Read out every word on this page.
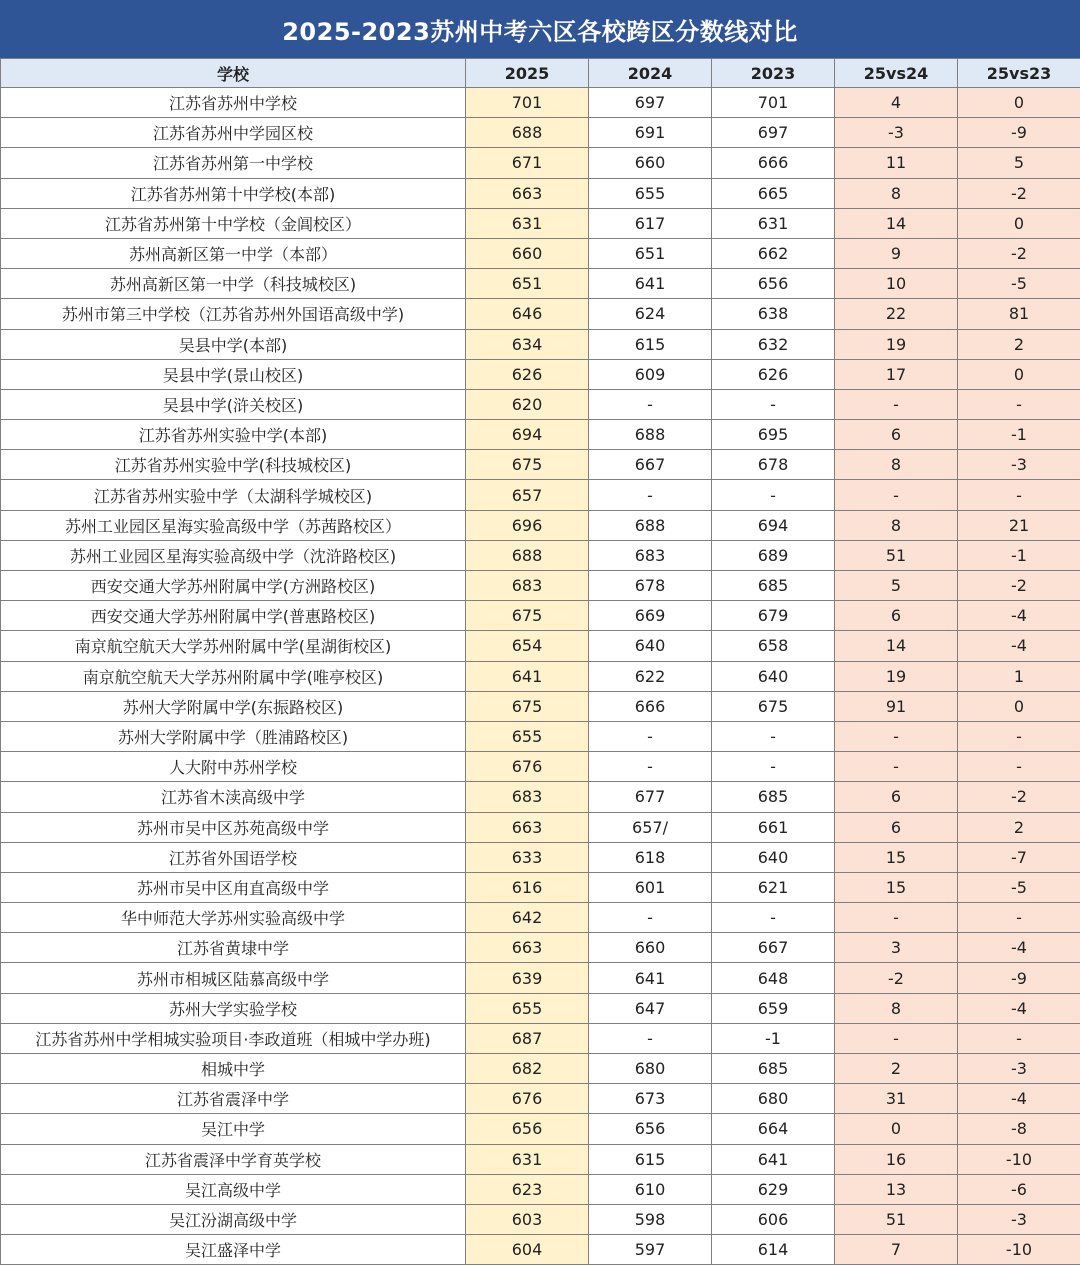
2025-2023苏州中考六区各校跨区分数线对比
学校	2025	2024	2023	25vs24	25vs23
江苏省苏州中学校	701	697	701	4	0
江苏省苏州中学园区校	688	691	697	-3	-9
江苏省苏州第一中学校	671	660	666	11	5
江苏省苏州第十中学校(本部)	663	655	665	8	-2
江苏省苏州第十中学校（金阊校区）	631	617	631	14	0
苏州高新区第一中学（本部）	660	651	662	9	-2
苏州高新区第一中学（科技城校区)	651	641	656	10	-5
苏州市第三中学校（江苏省苏州外国语高级中学)	646	624	638	22	81
吴县中学(本部)	634	615	632	19	2
吴县中学(景山校区)	626	609	626	17	0
吴县中学(浒关校区)	620	-	-	-	-
江苏省苏州实验中学(本部)	694	688	695	6	-1
江苏省苏州实验中学(科技城校区)	675	667	678	8	-3
江苏省苏州实验中学（太湖科学城校区)	657	-	-	-	-
苏州工业园区星海实验高级中学（苏茜路校区）	696	688	694	8	21
苏州工业园区星海实验高级中学（沈浒路校区)	688	683	689	51	-1
西安交通大学苏州附属中学(方洲路校区)	683	678	685	5	-2
西安交通大学苏州附属中学(普惠路校区)	675	669	679	6	-4
南京航空航天大学苏州附属中学(星湖街校区)	654	640	658	14	-4
南京航空航天大学苏州附属中学(唯亭校区)	641	622	640	19	1
苏州大学附属中学(东振路校区)	675	666	675	91	0
苏州大学附属中学（胜浦路校区)	655	-	-	-	-
人大附中苏州学校	676	-	-	-	-
江苏省木渎高级中学	683	677	685	6	-2
苏州市吴中区苏苑高级中学	663	657/	661	6	2
江苏省外国语学校	633	618	640	15	-7
苏州市吴中区甪直高级中学	616	601	621	15	-5
华中师范大学苏州实验高级中学	642	-	-	-	-
江苏省黄埭中学	663	660	667	3	-4
苏州市相城区陆慕高级中学	639	641	648	-2	-9
苏州大学实验学校	655	647	659	8	-4
江苏省苏州中学相城实验项目·李政道班（相城中学办班)	687	-	-1	-	-
相城中学	682	680	685	2	-3
江苏省震泽中学	676	673	680	31	-4
吴江中学	656	656	664	0	-8
江苏省震泽中学育英学校	631	615	641	16	-10
吴江高级中学	623	610	629	13	-6
吴江汾湖高级中学	603	598	606	51	-3
吴江盛泽中学	604	597	614	7	-10
